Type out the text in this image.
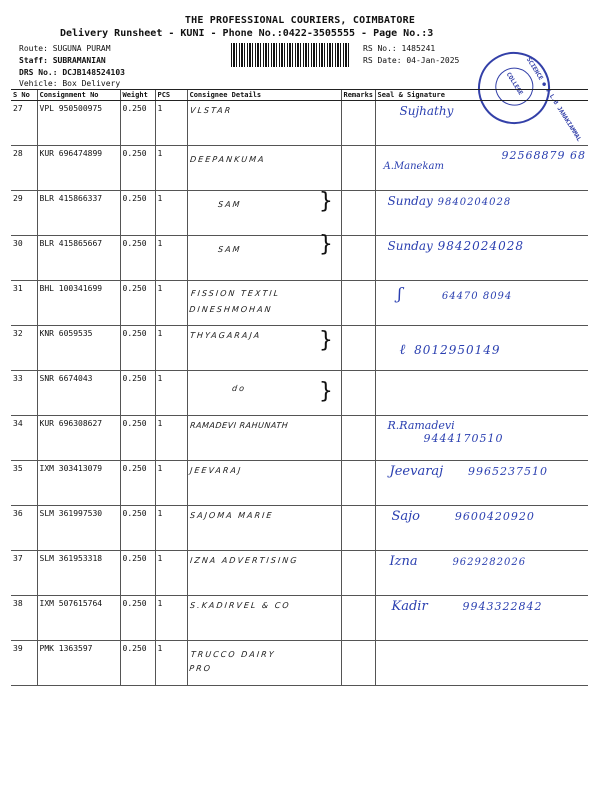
THE PROFESSIONAL COURIERS, COIMBATORE
Delivery Runsheet - KUNI - Phone No.:0422-3505555 - Page No.:3
Route: SUGUNA PURAM
Staff: SUBRAMANIAN
DRS No.: DCJB148524103
Vehicle: Box Delivery
RS No.: 1485241
RS Date: 04-Jan-2025	SCIENCE ● V.L.B JANAKIAMMAL
COLLEGE
S No	Consignment No	Weight	PCS	Consignee Details	Remarks	Seal & Signature
27	VPL 950500975	0.250	1	VLSTAR		Sujhathy

28	KUR 696474899	0.250	1	DEEPANKUMA		A.Manekam
92568879 68

29	BLR 415866337	0.250	1	SAM }		Sunday 9840204028
30	BLR 415865667	0.250	1	SAM }		Sunday 9842024028
31	BHL 100341699	0.250	1	FISSION TEXTIL DINESHMOHAN		ʃ 64470 8094
32	KNR 6059535	0.250	1	THYAGARAJA }		ℓ 8012950149
33	SNR 6674043	0.250	1	do }		

34	KUR 696308627	0.250	1	RAMADEVI RAHUNATH		R.Ramadevi
9444170510
35	IXM 303413079	0.250	1	JEEVARAJ		Jeevaraj 9965237510
36	SLM 361997530	0.250	1	SAJOMA MARIE		Sajo 9600420920
37	SLM 361953318	0.250	1	IZNA ADVERTISING		Izna 9629282026
38	IXM 507615764	0.250	1	S.KADIRVEL & CO		Kadir 9943322842
39	PMK 1363597	0.250	1	TRUCCO DAIRY PRO		
